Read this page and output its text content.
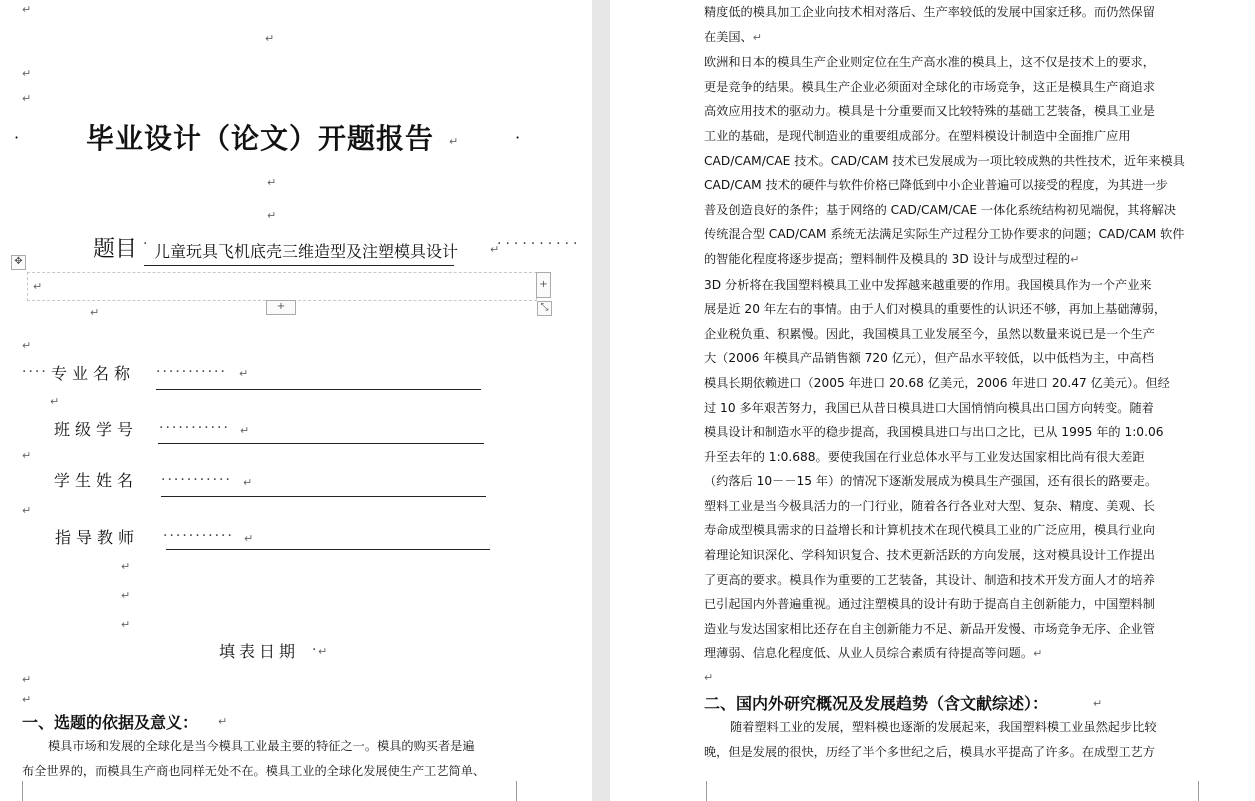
↵
↵
↵
↵
·	·
毕业设计（论文）开题报告 ↵
↵
↵
题目 · 儿童玩具飞机底壳三维造型及注塑模具设计	↵
··········
✥
↵	+
+	⤡
↵
↵
···· 专业名称 ··········· ↵
↵
班级学号 ··········· ↵
↵
学生姓名 ··········· ↵
↵
指导教师 ··········· ↵
↵
↵
↵
填表日期 · ↵
↵
↵
一、选题的依据及意义： ↵
模具市场和发展的全球化是当今模具工业最主要的特征之一。模具的购买者是遍
布全世界的，而模具生产商也同样无处不在。模具工业的全球化发展使生产工艺简单、
精度低的模具加工企业向技术相对落后、生产率较低的发展中国家迁移。而仍然保留
在美国、↵
欧洲和日本的模具生产企业则定位在生产高水准的模具上，这不仅是技术上的要求，
更是竞争的结果。模具生产企业必须面对全球化的市场竞争，这正是模具生产商追求
高效应用技术的驱动力。模具是十分重要而又比较特殊的基础工艺装备，模具工业是
工业的基础，是现代制造业的重要组成部分。在塑料模设计制造中全面推广应用
CAD/CAM/CAE 技术。CAD/CAM 技术已发展成为一项比较成熟的共性技术，近年来模具
CAD/CAM 技术的硬件与软件价格已降低到中小企业普遍可以接受的程度，为其进一步
普及创造良好的条件；基于网络的 CAD/CAM/CAE 一体化系统结构初见端倪，其将解决
传统混合型 CAD/CAM 系统无法满足实际生产过程分工协作要求的问题；CAD/CAM 软件
的智能化程度将逐步提高；塑料制件及模具的 3D 设计与成型过程的↵
3D 分析将在我国塑料模具工业中发挥越来越重要的作用。我国模具作为一个产业来
展是近 20 年左右的事情。由于人们对模具的重要性的认识还不够，再加上基础薄弱，
企业税负重、积累慢。因此，我国模具工业发展至今，虽然以数量来说已是一个生产
大（2006 年模具产品销售额 720 亿元），但产品水平较低，以中低档为主，中高档
模具长期依赖进口（2005 年进口 20.68 亿美元，2006 年进口 20.47 亿美元）。但经
过 10 多年艰苦努力，我国已从昔日模具进口大国悄悄向模具出口国方向转变。随着
模具设计和制造水平的稳步提高，我国模具进口与出口之比，已从 1995 年的 1:0.06
升至去年的 1:0.688。要使我国在行业总体水平与工业发达国家相比尚有很大差距
（约落后 10－－15 年）的情况下逐渐发展成为模具生产强国，还有很长的路要走。
塑料工业是当今极具活力的一门行业，随着各行各业对大型、复杂、精度、美观、长
寿命成型模具需求的日益增长和计算机技术在现代模具工业的广泛应用，模具行业向
着理论知识深化、学科知识复合、技术更新活跃的方向发展，这对模具设计工作提出
了更高的要求。模具作为重要的工艺装备，其设计、制造和技术开发方面人才的培养
已引起国内外普遍重视。通过注塑模具的设计有助于提高自主创新能力，中国塑料制
造业与发达国家相比还存在自主创新能力不足、新品开发慢、市场竞争无序、企业管
理薄弱、信息化程度低、从业人员综合素质有待提高等问题。↵
↵
二、国内外研究概况及发展趋势（含文献综述）：	↵
随着塑料工业的发展，塑料模也逐渐的发展起来，我国塑料模工业虽然起步比较
晚，但是发展的很快，历经了半个多世纪之后，模具水平提高了许多。在成型工艺方
